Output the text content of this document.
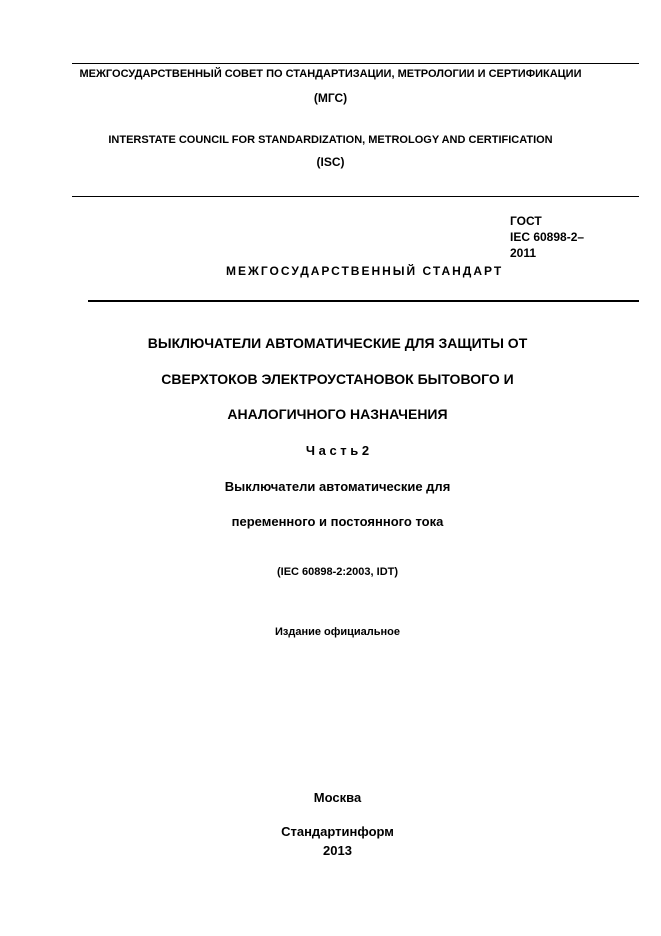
МЕЖГОСУДАРСТВЕННЫЙ СОВЕТ ПО СТАНДАРТИЗАЦИИ, МЕТРОЛОГИИ И СЕРТИФИКАЦИИ
(МГС)
INTERSTATE COUNCIL FOR STANDARDIZATION, METROLOGY AND CERTIFICATION
(ISC)
ГОСТ
IEC 60898-2–
2011
МЕЖГОСУДАРСТВЕННЫЙ СТАНДАРТ
ВЫКЛЮЧАТЕЛИ АВТОМАТИЧЕСКИЕ ДЛЯ ЗАЩИТЫ ОТ
СВЕРХТОКОВ ЭЛЕКТРОУСТАНОВОК БЫТОВОГО И
АНАЛОГИЧНОГО НАЗНАЧЕНИЯ
Ч а с т ь 2
Выключатели автоматические для
переменного и постоянного тока
(IEC 60898-2:2003, IDT)
Издание официальное
Москва
Стандартинформ
2013
